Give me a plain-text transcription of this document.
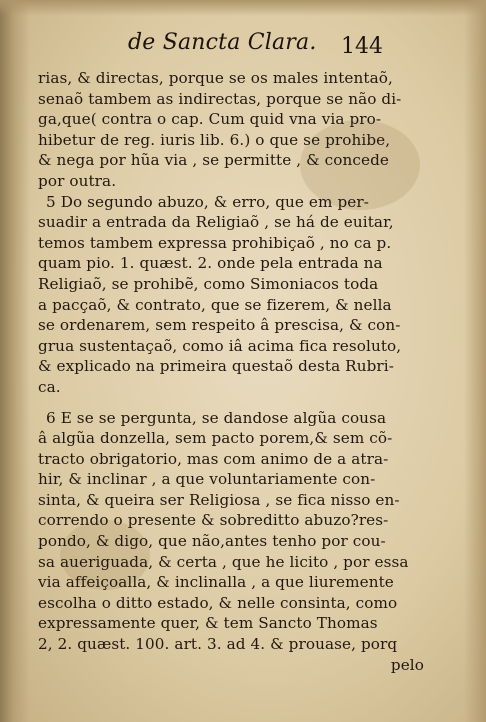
de Sancta Clara. 144
rias, & directas, porque se os males intentaõ,
senaõ tambem as indirectas, porque se não di-
ga,que( contra o cap. Cum quid vna via pro-
hibetur de reg. iuris lib. 6.) o que se prohibe,
& nega por hũa via , se permitte , & concede
por outra.
5 Do segundo abuzo, & erro, que em per-
suadir a entrada da Religiaõ , se há de euitar,
temos tambem expressa prohibiçaõ , no ca p.
quam pio. 1. quæst. 2. onde pela entrada na
Religiaõ, se prohibẽ, como Simoniacos toda
a pacçaõ, & contrato, que se fizerem, & nella
se ordenarem, sem respeito â prescisa, & con-
grua sustentaçaõ, como iâ acima fica resoluto,
& explicado na primeira questaõ desta Rubri-
ca.
6 E se se pergunta, se dandose algũa cousa
â algũa donzella, sem pacto porem,& sem cõ-
tracto obrigatorio, mas com animo de a atra-
hir, & inclinar , a que voluntariamente con-
sinta, & queira ser Religiosa , se fica nisso en-
correndo o presente & sobreditto abuzo?res-
pondo, & digo, que não,antes tenho por cou-
sa aueriguada, & certa , que he licito , por essa
via affeiçoalla, & inclinalla , a que liuremente
escolha o ditto estado, & nelle consinta, como
expressamente quer, & tem Sancto Thomas
2, 2. quæst. 100. art. 3. ad 4. & prouase, porq
pelo
